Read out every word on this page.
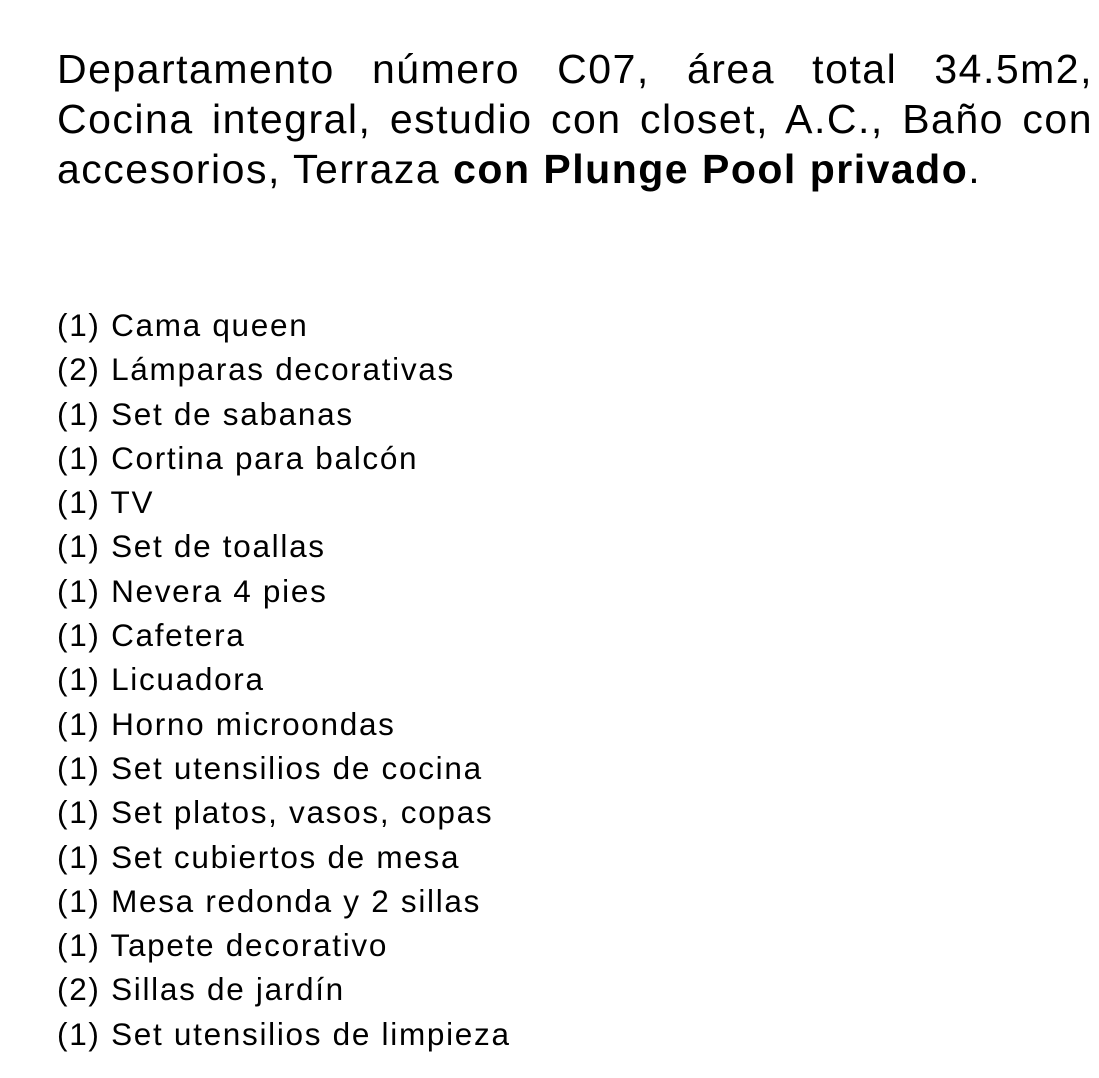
Departamento número C07, área total 34.5m2,
Cocina integral, estudio con closet, A.C., Baño con
accesorios, Terraza con Plunge Pool privado.
(1) Cama queen
(2) Lámparas decorativas
(1) Set de sabanas
(1) Cortina para balcón
(1) TV
(1) Set de toallas
(1) Nevera 4 pies
(1) Cafetera
(1) Licuadora
(1) Horno microondas
(1) Set utensilios de cocina
(1) Set platos, vasos, copas
(1) Set cubiertos de mesa
(1) Mesa redonda y 2 sillas
(1) Tapete decorativo
(2) Sillas de jardín
(1) Set utensilios de limpieza
